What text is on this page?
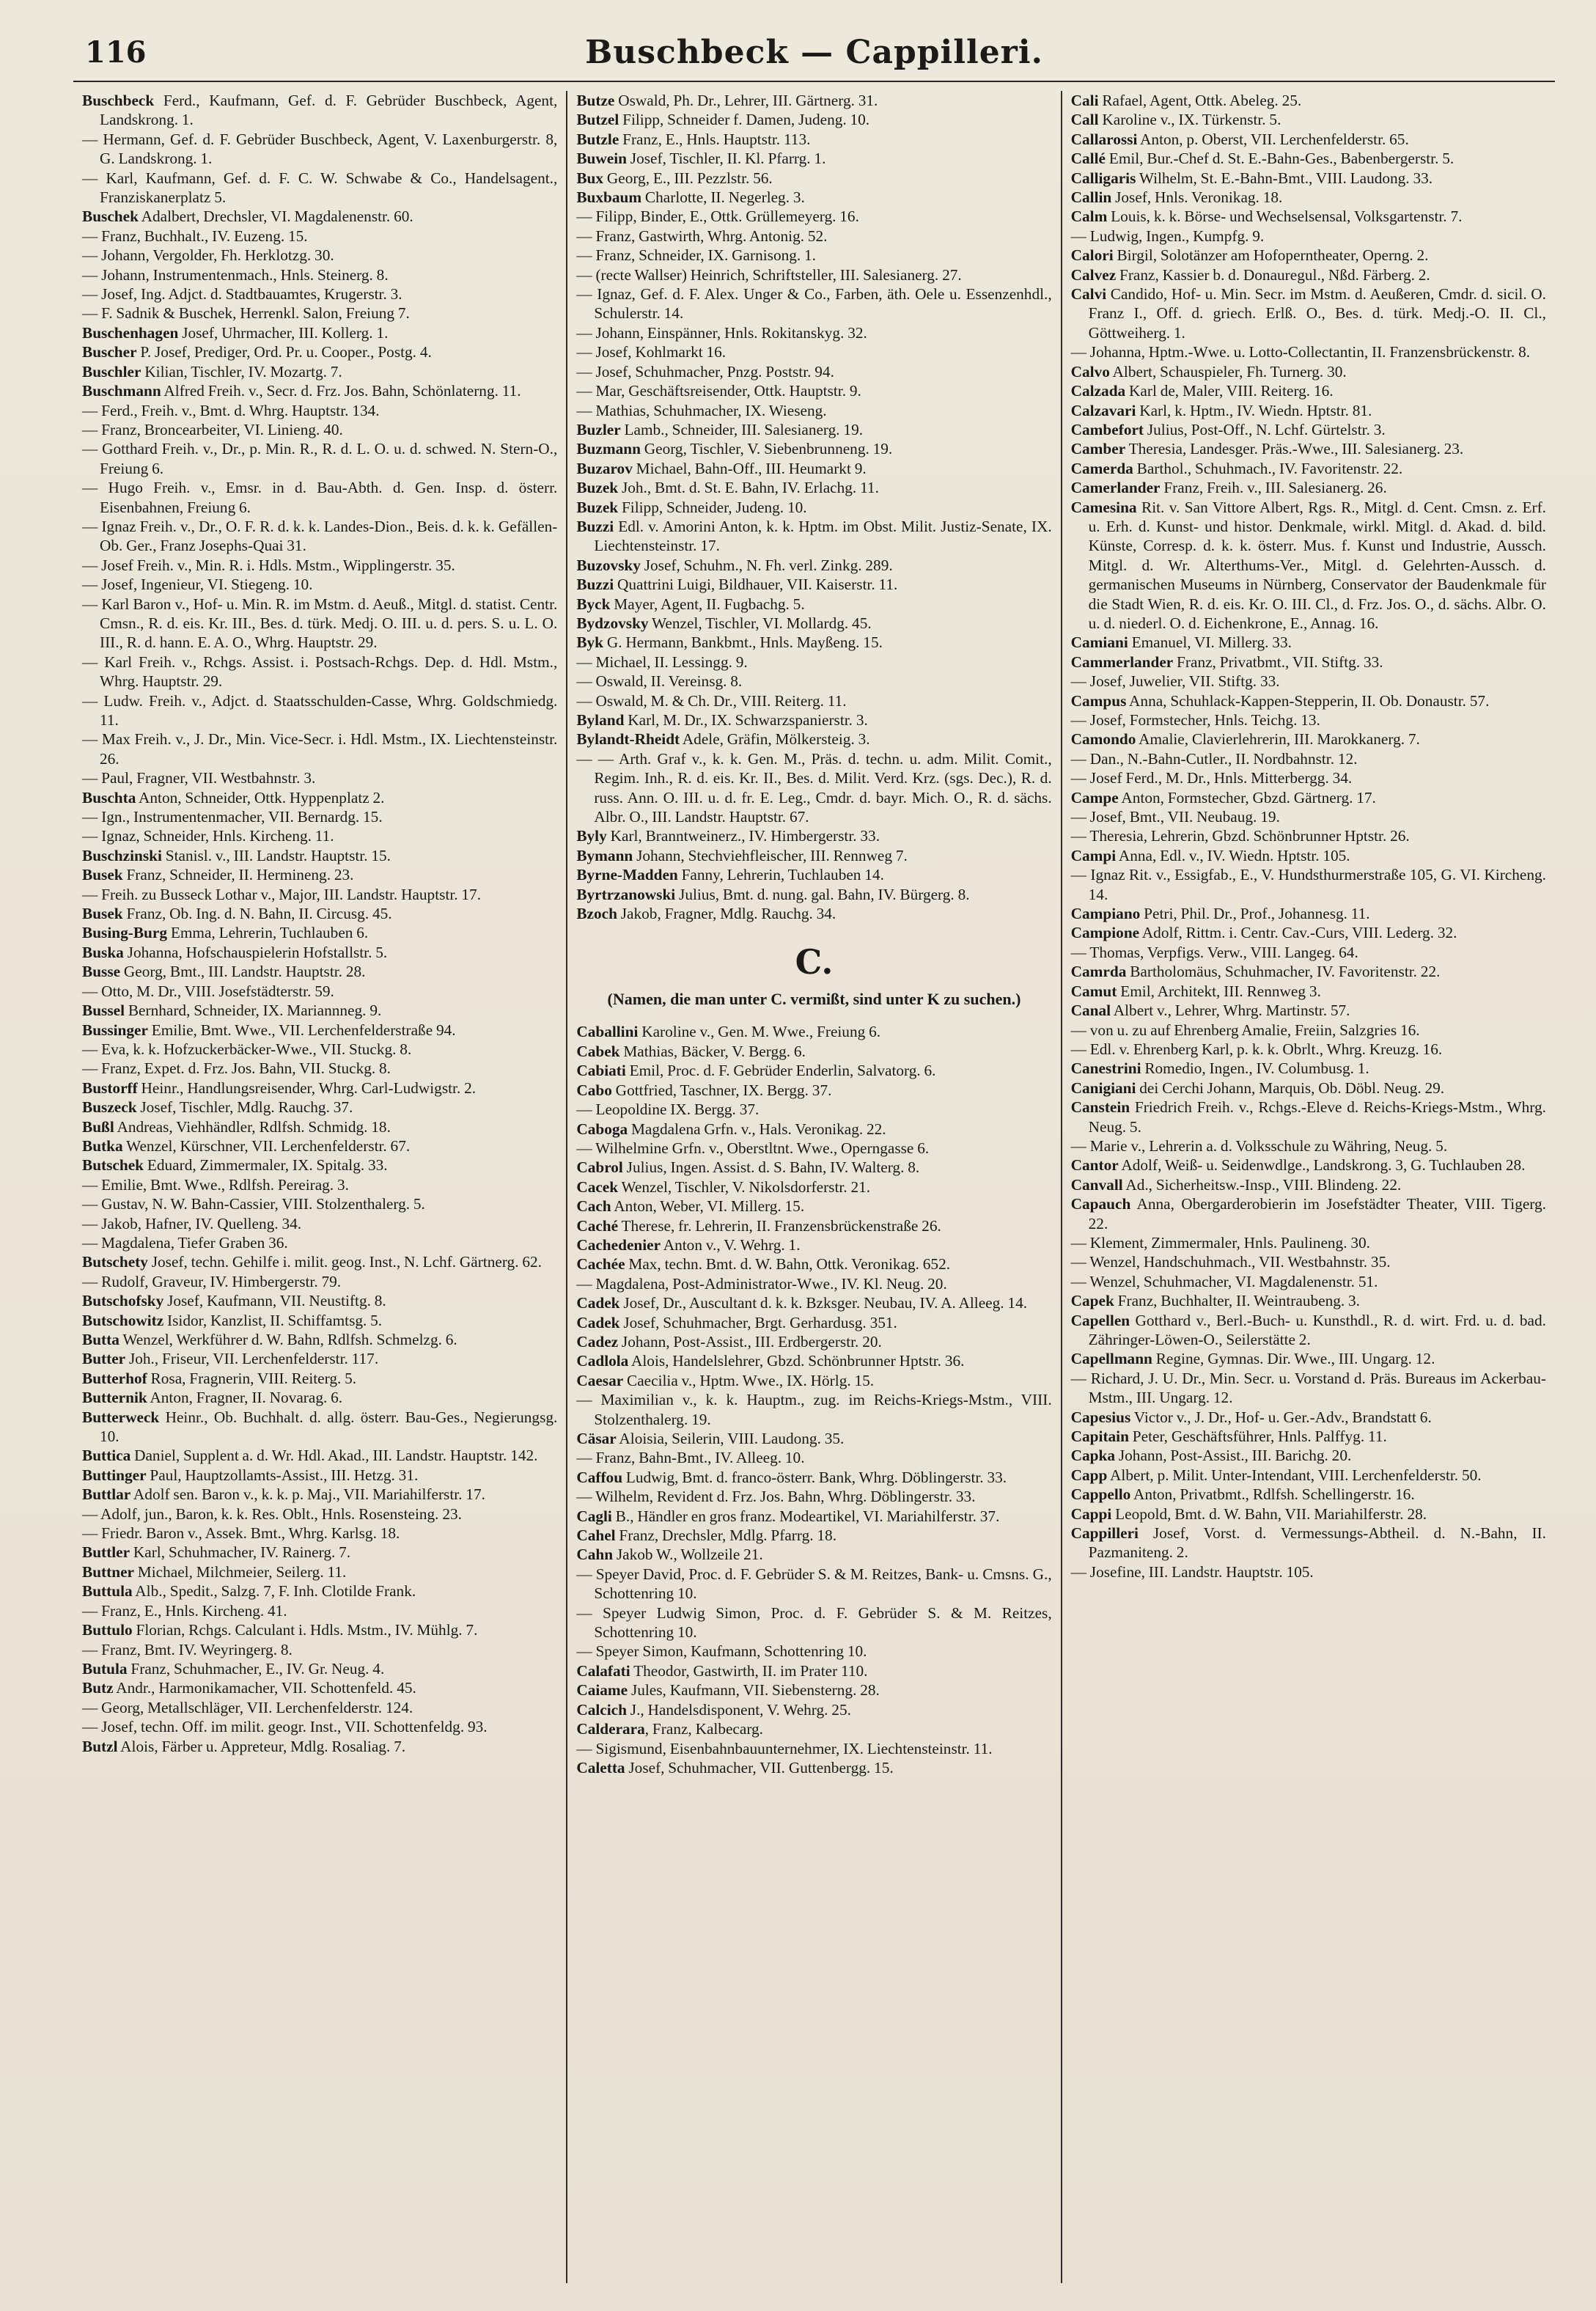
116	Buschbeck — Cappilleri.

Buschbeck Ferd., Kaufmann, Gef. d. F. Gebrüder Buschbeck, Agent, Landskrong. 1.

— Hermann, Gef. d. F. Gebrüder Buschbeck, Agent, V. Laxenburgerstr. 8, G. Landskrong. 1.

— Karl, Kaufmann, Gef. d. F. C. W. Schwabe & Co., Handelsagent., Franziskanerplatz 5.

Buschek Adalbert, Drechsler, VI. Magdalenenstr. 60.

— Franz, Buchhalt., IV. Euzeng. 15.

— Johann, Vergolder, Fh. Herklotzg. 30.

— Johann, Instrumentenmach., Hnls. Steinerg. 8.

— Josef, Ing. Adjct. d. Stadtbauamtes, Krugerstr. 3.

— F. Sadnik & Buschek, Herrenkl. Salon, Freiung 7.

Buschenhagen Josef, Uhrmacher, III. Kollerg. 1.

Buscher P. Josef, Prediger, Ord. Pr. u. Cooper., Postg. 4.

Buschler Kilian, Tischler, IV. Mozartg. 7.

Buschmann Alfred Freih. v., Secr. d. Frz. Jos. Bahn, Schönlaterng. 11.

— Ferd., Freih. v., Bmt. d. Whrg. Hauptstr. 134.

— Franz, Broncearbeiter, VI. Linieng. 40.

— Gotthard Freih. v., Dr., p. Min. R., R. d. L. O. u. d. schwed. N. Stern-O., Freiung 6.

— Hugo Freih. v., Emsr. in d. Bau-Abth. d. Gen. Insp. d. österr. Eisenbahnen, Freiung 6.

— Ignaz Freih. v., Dr., O. F. R. d. k. k. Landes-Dion., Beis. d. k. k. Gefällen-Ob. Ger., Franz Josephs-Quai 31.

— Josef Freih. v., Min. R. i. Hdls. Mstm., Wipplingerstr. 35.

— Josef, Ingenieur, VI. Stiegeng. 10.

— Karl Baron v., Hof- u. Min. R. im Mstm. d. Aeuß., Mitgl. d. statist. Centr. Cmsn., R. d. eis. Kr. III., Bes. d. türk. Medj. O. III. u. d. pers. S. u. L. O. III., R. d. hann. E. A. O., Whrg. Hauptstr. 29.

— Karl Freih. v., Rchgs. Assist. i. Postsach-Rchgs. Dep. d. Hdl. Mstm., Whrg. Hauptstr. 29.

— Ludw. Freih. v., Adjct. d. Staatsschulden-Casse, Whrg. Goldschmiedg. 11.

— Max Freih. v., J. Dr., Min. Vice-Secr. i. Hdl. Mstm., IX. Liechtensteinstr. 26.

— Paul, Fragner, VII. Westbahnstr. 3.

Buschta Anton, Schneider, Ottk. Hyppenplatz 2.

— Ign., Instrumentenmacher, VII. Bernardg. 15.

— Ignaz, Schneider, Hnls. Kircheng. 11.

Buschzinski Stanisl. v., III. Landstr. Hauptstr. 15.

Busek Franz, Schneider, II. Hermineng. 23.

— Freih. zu Busseck Lothar v., Major, III. Landstr. Hauptstr. 17.

Busek Franz, Ob. Ing. d. N. Bahn, II. Circusg. 45.

Busing-Burg Emma, Lehrerin, Tuchlauben 6.

Buska Johanna, Hofschauspielerin Hofstallstr. 5.

Busse Georg, Bmt., III. Landstr. Hauptstr. 28.

— Otto, M. Dr., VIII. Josefstädterstr. 59.

Bussel Bernhard, Schneider, IX. Mariannneg. 9.

Bussinger Emilie, Bmt. Wwe., VII. Lerchenfelderstraße 94.

— Eva, k. k. Hofzuckerbäcker-Wwe., VII. Stuckg. 8.

— Franz, Expet. d. Frz. Jos. Bahn, VII. Stuckg. 8.

Bustorff Heinr., Handlungsreisender, Whrg. Carl-Ludwigstr. 2.

Buszeck Josef, Tischler, Mdlg. Rauchg. 37.

Bußl Andreas, Viehhändler, Rdlfsh. Schmidg. 18.

Butka Wenzel, Kürschner, VII. Lerchenfelderstr. 67.

Butschek Eduard, Zimmermaler, IX. Spitalg. 33.

— Emilie, Bmt. Wwe., Rdlfsh. Pereirag. 3.

— Gustav, N. W. Bahn-Cassier, VIII. Stolzenthalerg. 5.

— Jakob, Hafner, IV. Quelleng. 34.

— Magdalena, Tiefer Graben 36.

Butschety Josef, techn. Gehilfe i. milit. geog. Inst., N. Lchf. Gärtnerg. 62.

— Rudolf, Graveur, IV. Himbergerstr. 79.

Butschofsky Josef, Kaufmann, VII. Neustiftg. 8.

Butschowitz Isidor, Kanzlist, II. Schiffamtsg. 5.

Butta Wenzel, Werkführer d. W. Bahn, Rdlfsh. Schmelzg. 6.

Butter Joh., Friseur, VII. Lerchenfelderstr. 117.

Butterhof Rosa, Fragnerin, VIII. Reiterg. 5.

Butternik Anton, Fragner, II. Novarag. 6.

Butterweck Heinr., Ob. Buchhalt. d. allg. österr. Bau-Ges., Negierungsg. 10.

Buttica Daniel, Supplent a. d. Wr. Hdl. Akad., III. Landstr. Hauptstr. 142.

Buttinger Paul, Hauptzollamts-Assist., III. Hetzg. 31.

Buttlar Adolf sen. Baron v., k. k. p. Maj., VII. Mariahilferstr. 17.

— Adolf, jun., Baron, k. k. Res. Oblt., Hnls. Rosensteing. 23.

— Friedr. Baron v., Assek. Bmt., Whrg. Karlsg. 18.

Buttler Karl, Schuhmacher, IV. Rainerg. 7.

Buttner Michael, Milchmeier, Seilerg. 11.

Buttula Alb., Spedit., Salzg. 7, F. Inh. Clotilde Frank.

— Franz, E., Hnls. Kircheng. 41.

Buttulo Florian, Rchgs. Calculant i. Hdls. Mstm., IV. Mühlg. 7.

— Franz, Bmt. IV. Weyringerg. 8.

Butula Franz, Schuhmacher, E., IV. Gr. Neug. 4.

Butz Andr., Harmonikamacher, VII. Schottenfeld. 45.

— Georg, Metallschläger, VII. Lerchenfelderstr. 124.

— Josef, techn. Off. im milit. geogr. Inst., VII. Schottenfeldg. 93.

Butzl Alois, Färber u. Appreteur, Mdlg. Rosaliag. 7.

Butze Oswald, Ph. Dr., Lehrer, III. Gärtnerg. 31.

Butzel Filipp, Schneider f. Damen, Judeng. 10.

Butzle Franz, E., Hnls. Hauptstr. 113.

Buwein Josef, Tischler, II. Kl. Pfarrg. 1.

Bux Georg, E., III. Pezzlstr. 56.

Buxbaum Charlotte, II. Negerleg. 3.

— Filipp, Binder, E., Ottk. Grüllemeyerg. 16.

— Franz, Gastwirth, Whrg. Antonig. 52.

— Franz, Schneider, IX. Garnisong. 1.

— (recte Wallser) Heinrich, Schriftsteller, III. Salesianerg. 27.

— Ignaz, Gef. d. F. Alex. Unger & Co., Farben, äth. Oele u. Essenzenhdl., Schulerstr. 14.

— Johann, Einspänner, Hnls. Rokitanskyg. 32.

— Josef, Kohlmarkt 16.

— Josef, Schuhmacher, Pnzg. Poststr. 94.

— Mar, Geschäftsreisender, Ottk. Hauptstr. 9.

— Mathias, Schuhmacher, IX. Wieseng.

Buzler Lamb., Schneider, III. Salesianerg. 19.

Buzmann Georg, Tischler, V. Siebenbrunneng. 19.

Buzarov Michael, Bahn-Off., III. Heumarkt 9.

Buzek Joh., Bmt. d. St. E. Bahn, IV. Erlachg. 11.

Buzek Filipp, Schneider, Judeng. 10.

Buzzi Edl. v. Amorini Anton, k. k. Hptm. im Obst. Milit. Justiz-Senate, IX. Liechtensteinstr. 17.

Buzovsky Josef, Schuhm., N. Fh. verl. Zinkg. 289.

Buzzi Quattrini Luigi, Bildhauer, VII. Kaiserstr. 11.

Byck Mayer, Agent, II. Fugbachg. 5.

Bydzovsky Wenzel, Tischler, VI. Mollardg. 45.

Byk G. Hermann, Bankbmt., Hnls. Mayßeng. 15.

— Michael, II. Lessingg. 9.

— Oswald, II. Vereinsg. 8.

— Oswald, M. & Ch. Dr., VIII. Reiterg. 11.

Byland Karl, M. Dr., IX. Schwarzspanierstr. 3.

Bylandt-Rheidt Adele, Gräfin, Mölkersteig. 3.

— — Arth. Graf v., k. k. Gen. M., Präs. d. techn. u. adm. Milit. Comit., Regim. Inh., R. d. eis. Kr. II., Bes. d. Milit. Verd. Krz. (sgs. Dec.), R. d. russ. Ann. O. III. u. d. fr. E. Leg., Cmdr. d. bayr. Mich. O., R. d. sächs. Albr. O., III. Landstr. Hauptstr. 67.

Byly Karl, Branntweinerz., IV. Himbergerstr. 33.

Bymann Johann, Stechviehfleischer, III. Rennweg 7.

Byrne-Madden Fanny, Lehrerin, Tuchlauben 14.

Byrtrzanowski Julius, Bmt. d. nung. gal. Bahn, IV. Bürgerg. 8.

Bzoch Jakob, Fragner, Mdlg. Rauchg. 34.

C.
(Namen, die man unter C. vermißt, sind unter K zu suchen.)

Caballini Karoline v., Gen. M. Wwe., Freiung 6.

Cabek Mathias, Bäcker, V. Bergg. 6.

Cabiati Emil, Proc. d. F. Gebrüder Enderlin, Salvatorg. 6.

Cabo Gottfried, Taschner, IX. Bergg. 37.

— Leopoldine IX. Bergg. 37.

Cabogа Magdalena Grfn. v., Hals. Veronikag. 22.

— Wilhelmine Grfn. v., Oberstltnt. Wwe., Operngasse 6.

Cabrol Julius, Ingen. Assist. d. S. Bahn, IV. Walterg. 8.

Cacek Wenzel, Tischler, V. Nikolsdorferstr. 21.

Cach Anton, Weber, VI. Millerg. 15.

Caché Therese, fr. Lehrerin, II. Franzensbrückenstraße 26.

Cachedenier Anton v., V. Wehrg. 1.

Cachée Max, techn. Bmt. d. W. Bahn, Ottk. Veronikag. 652.

— Magdalena, Post-Administrator-Wwe., IV. Kl. Neug. 20.

Cadek Josef, Dr., Auscultant d. k. k. Bzksger. Neubau, IV. A. Alleeg. 14.

Cadek Josef, Schuhmacher, Brgt. Gerhardusg. 351.

Cadez Johann, Post-Assist., III. Erdbergerstr. 20.

Cadlola Alois, Handelslehrer, Gbzd. Schönbrunner Hptstr. 36.

Caesar Caecilia v., Hptm. Wwe., IX. Hörlg. 15.

— Maximilian v., k. k. Hauptm., zug. im Reichs-Kriegs-Mstm., VIII. Stolzenthalerg. 19.

Cäsar Aloisia, Seilerin, VIII. Laudong. 35.

— Franz, Bahn-Bmt., IV. Alleeg. 10.

Caffou Ludwig, Bmt. d. franco-österr. Bank, Whrg. Döblingerstr. 33.

— Wilhelm, Revident d. Frz. Jos. Bahn, Whrg. Döblingerstr. 33.

Cagli B., Händler en gros franz. Modeartikel, VI. Mariahilferstr. 37.

Cahel Franz, Drechsler, Mdlg. Pfarrg. 18.

Cahn Jakob W., Wollzeile 21.

— Speyer David, Proc. d. F. Gebrüder S. & M. Reitzes, Bank- u. Cmsns. G., Schottenring 10.

— Speyer Ludwig Simon, Proc. d. F. Gebrüder S. & M. Reitzes, Schottenring 10.

— Speyer Simon, Kaufmann, Schottenring 10.

Calafati Theodor, Gastwirth, II. im Prater 110.

Caiame Jules, Kaufmann, VII. Siebensterng. 28.

Calcich J., Handelsdisponent, V. Wehrg. 25.

Calderara, Franz, Kalbecarg.

— Sigismund, Eisenbahnbauunternehmer, IX. Liechtensteinstr. 11.

Caletta Josef, Schuhmacher, VII. Guttenbergg. 15.

Cali Rafael, Agent, Ottk. Abeleg. 25.

Call Karoline v., IX. Türkenstr. 5.

Callarossi Anton, p. Oberst, VII. Lerchenfelderstr. 65.

Callé Emil, Bur.-Chef d. St. E.-Bahn-Ges., Babenbergerstr. 5.

Calligaris Wilhelm, St. E.-Bahn-Bmt., VIII. Laudong. 33.

Callin Josef, Hnls. Veronikag. 18.

Calm Louis, k. k. Börse- und Wechselsensal, Volksgartenstr. 7.

— Ludwig, Ingen., Kumpfg. 9.

Calori Birgil, Solotänzer am Hofoperntheater, Operng. 2.

Calvez Franz, Kassier b. d. Donauregul., Nßd. Färberg. 2.

Calvi Candido, Hof- u. Min. Secr. im Mstm. d. Aeußeren, Cmdr. d. sicil. O. Franz I., Off. d. griech. Erlß. O., Bes. d. türk. Medj.-O. II. Cl., Göttweiherg. 1.

— Johanna, Hptm.-Wwe. u. Lotto-Collectantin, II. Franzensbrückenstr. 8.

Calvo Albert, Schauspieler, Fh. Turnerg. 30.

Calzada Karl de, Maler, VIII. Reiterg. 16.

Calzavari Karl, k. Hptm., IV. Wiedn. Hptstr. 81.

Cambefort Julius, Post-Off., N. Lchf. Gürtelstr. 3.

Camber Theresia, Landesger. Präs.-Wwe., III. Salesianerg. 23.

Camerda Barthol., Schuhmach., IV. Favoritenstr. 22.

Camerlander Franz, Freih. v., III. Salesianerg. 26.

Camesina Rit. v. San Vittore Albert, Rgs. R., Mitgl. d. Cent. Cmsn. z. Erf. u. Erh. d. Kunst- und histor. Denkmale, wirkl. Mitgl. d. Akad. d. bild. Künste, Corresp. d. k. k. österr. Mus. f. Kunst und Industrie, Aussch. Mitgl. d. Wr. Alterthums-Ver., Mitgl. d. Gelehrten-Aussch. d. germanischen Museums in Nürnberg, Conservator der Baudenkmale für die Stadt Wien, R. d. eis. Kr. O. III. Cl., d. Frz. Jos. O., d. sächs. Albr. O. u. d. niederl. O. d. Eichenkrone, E., Annag. 16.

Camiani Emanuel, VI. Millerg. 33.

Cammerlander Franz, Privatbmt., VII. Stiftg. 33.

— Josef, Juwelier, VII. Stiftg. 33.

Campus Anna, Schuhlack-Kappen-Stepperin, II. Ob. Donaustr. 57.

— Josef, Formstecher, Hnls. Teichg. 13.

Camondo Amalie, Clavierlehrerin, III. Marokkanerg. 7.

— Dan., N.-Bahn-Cutler., II. Nordbahnstr. 12.

— Josef Ferd., M. Dr., Hnls. Mitterbergg. 34.

Campe Anton, Formstecher, Gbzd. Gärtnerg. 17.

— Josef, Bmt., VII. Neubaug. 19.

— Theresia, Lehrerin, Gbzd. Schönbrunner Hptstr. 26.

Campi Anna, Edl. v., IV. Wiedn. Hptstr. 105.

— Ignaz Rit. v., Essigfab., E., V. Hundsthurmerstraße 105, G. VI. Kircheng. 14.

Campiano Petri, Phil. Dr., Prof., Johannesg. 11.

Campione Adolf, Rittm. i. Centr. Cav.-Curs, VIII. Lederg. 32.

— Thomas, Verpfigs. Verw., VIII. Langeg. 64.

Camrda Bartholomäus, Schuhmacher, IV. Favoritenstr. 22.

Camut Emil, Architekt, III. Rennweg 3.

Canal Albert v., Lehrer, Whrg. Martinstr. 57.

— von u. zu auf Ehrenberg Amalie, Freiin, Salzgries 16.

— Edl. v. Ehrenberg Karl, p. k. k. Obrlt., Whrg. Kreuzg. 16.

Canestrini Romedio, Ingen., IV. Columbusg. 1.

Canigiani dei Cerchi Johann, Marquis, Ob. Döbl. Neug. 29.

Canstein Friedrich Freih. v., Rchgs.-Eleve d. Reichs-Kriegs-Mstm., Whrg. Neug. 5.

— Marie v., Lehrerin a. d. Volksschule zu Währing, Neug. 5.

Cantor Adolf, Weiß- u. Seidenwdlge., Landskrong. 3, G. Tuchlauben 28.

Canvall Ad., Sicherheitsw.-Insp., VIII. Blindeng. 22.

Capauch Anna, Obergarderobierin im Josefstädter Theater, VIII. Tigerg. 22.

— Klement, Zimmermaler, Hnls. Paulineng. 30.

— Wenzel, Handschuhmach., VII. Westbahnstr. 35.

— Wenzel, Schuhmacher, VI. Magdalenenstr. 51.

Capek Franz, Buchhalter, II. Weintraubeng. 3.

Capellen Gotthard v., Berl.-Buch- u. Kunsthdl., R. d. wirt. Frd. u. d. bad. Zähringer-Löwen-O., Seilerstätte 2.

Capellmann Regine, Gymnas. Dir. Wwe., III. Ungarg. 12.

— Richard, J. U. Dr., Min. Secr. u. Vorstand d. Präs. Bureaus im Ackerbau-Mstm., III. Ungarg. 12.

Capesius Victor v., J. Dr., Hof- u. Ger.-Adv., Brandstatt 6.

Capitain Peter, Geschäftsführer, Hnls. Palffyg. 11.

Capka Johann, Post-Assist., III. Barichg. 20.

Capp Albert, p. Milit. Unter-Intendant, VIII. Lerchenfelderstr. 50.

Cappello Anton, Privatbmt., Rdlfsh. Schellingerstr. 16.

Cappi Leopold, Bmt. d. W. Bahn, VII. Mariahilferstr. 28.

Cappilleri Josef, Vorst. d. Vermessungs-Abtheil. d. N.-Bahn, II. Pazmaniteng. 2.

— Josefine, III. Landstr. Hauptstr. 105.
